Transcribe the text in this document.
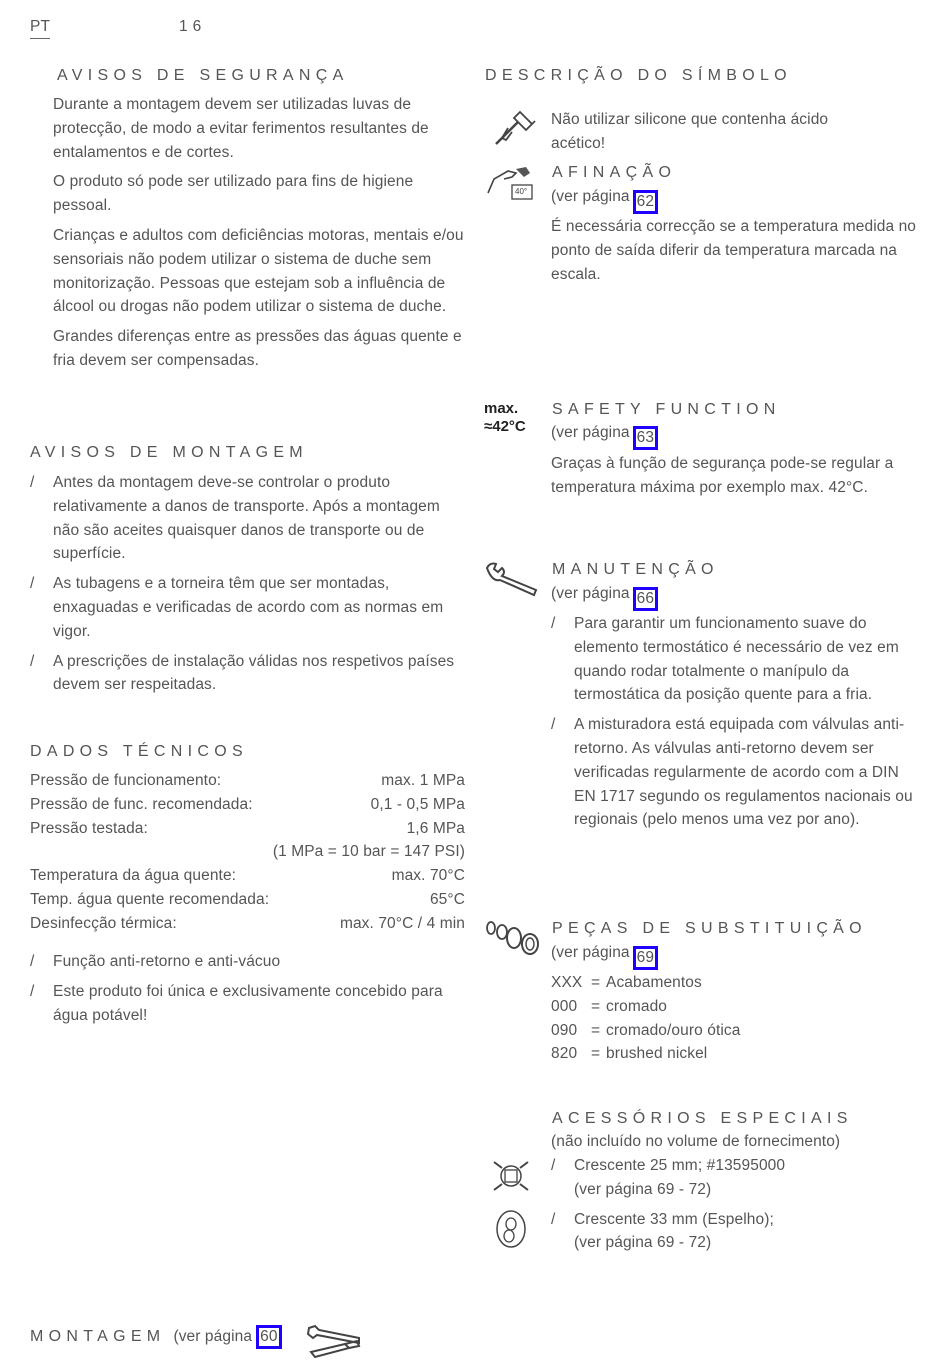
PT	16
AVISOS DE SEGURANÇA

Durante a montagem devem ser utilizadas luvas de protecção, de modo a evitar ferimentos resultantes de entalamentos e de cortes.

O produto só pode ser utilizado para fins de higiene pessoal.

Crianças e adultos com deficiências motoras, mentais e/ou sensoriais não podem utilizar o sistema de duche sem monitorização. Pessoas que estejam sob a influência de álcool ou drogas não podem utilizar o sistema de duche.

Grandes diferenças entre as pressões das águas quente e fria devem ser compensadas.

AVISOS DE MONTAGEM
/ Antes da montagem deve-se controlar o produto relativamente a danos de transporte. Após a montagem não são aceites quaisquer danos de transporte ou de superfície.
/ As tubagens e a torneira têm que ser montadas, enxaguadas e verificadas de acordo com as normas em vigor.
/ A prescrições de instalação válidas nos respetivos países devem ser respeitadas.
DADOS TÉCNICOS
Pressão de funcionamento:	max. 1 MPa
Pressão de func. recomendada:	0,1 - 0,5 MPa
Pressão testada:	1,6 MPa
(1 MPa = 10 bar = 147 PSI)
Temperatura da água quente:	max. 70°C
Temp. água quente recomendada:	65°C
Desinfecção térmica:	max. 70°C / 4 min
/ Função anti-retorno e anti-vácuo
/ Este produto foi única e exclusivamente concebido para água potável!
MONTAGEM (ver página 60
DESCRIÇÃO DO SÍMBOLO
Não utilizar silicone que contenha ácido acético!
40°
AFINAÇÃO
(ver página 62
É necessária correcção se a temperatura medida no ponto de saída diferir da temperatura marcada na escala.
max.
≈42°C
SAFETY FUNCTION
(ver página 63
Graças à função de segurança pode-se regular a temperatura máxima por exemplo max. 42°C.
MANUTENÇÃO
(ver página 66
/ Para garantir um funcionamento suave do elemento termostático é necessário de vez em quando rodar totalmente o manípulo da termostática da posição quente para a fria.
/ A misturadora está equipada com válvulas anti-retorno. As válvulas anti-retorno devem ser verificadas regularmente de acordo com a DIN EN 1717 segundo os regulamentos nacionais ou regionais (pelo menos uma vez por ano).
PEÇAS DE SUBSTITUIÇÃO
(ver página 69
XXX = Acabamentos
000 = cromado
090 = cromado/ouro ótica
820 = brushed nickel
ACESSÓRIOS ESPECIAIS
(não incluído no volume de fornecimento)
/ Crescente 25 mm; #13595000
(ver página 69 - 72)
/ Crescente 33 mm (Espelho);
(ver página 69 - 72)
